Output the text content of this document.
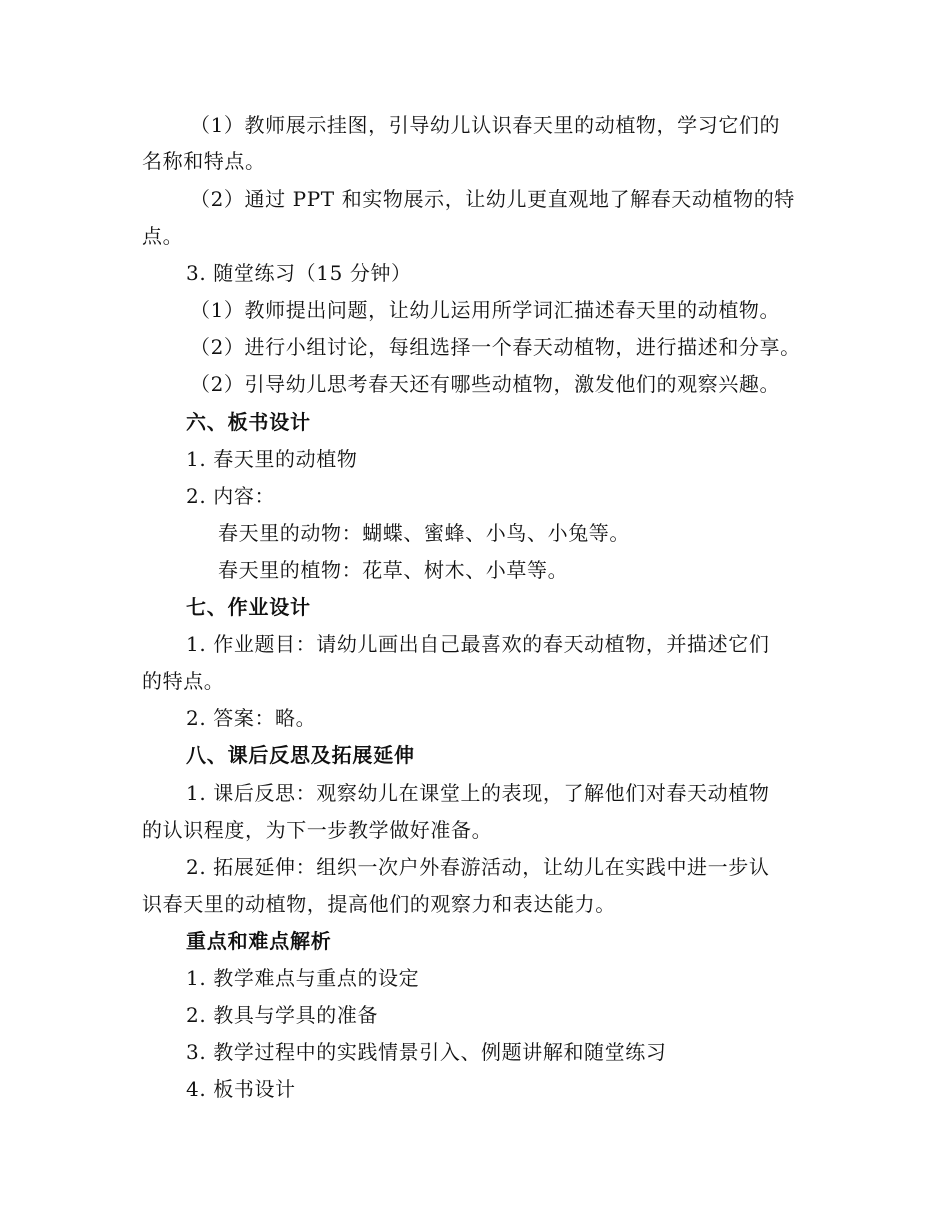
（1）教师展示挂图，引导幼儿认识春天里的动植物，学习它们的
名称和特点。
（2）通过 PPT 和实物展示，让幼儿更直观地了解春天动植物的特
点。
3. 随堂练习（15 分钟）
（1）教师提出问题，让幼儿运用所学词汇描述春天里的动植物。
（2）进行小组讨论，每组选择一个春天动植物，进行描述和分享。
（2）引导幼儿思考春天还有哪些动植物，激发他们的观察兴趣。
六、板书设计
1. 春天里的动植物
2. 内容：
春天里的动物：蝴蝶、蜜蜂、小鸟、小兔等。
春天里的植物：花草、树木、小草等。
七、作业设计
1. 作业题目：请幼儿画出自己最喜欢的春天动植物，并描述它们
的特点。
2. 答案：略。
八、课后反思及拓展延伸
1. 课后反思：观察幼儿在课堂上的表现，了解他们对春天动植物
的认识程度，为下一步教学做好准备。
2. 拓展延伸：组织一次户外春游活动，让幼儿在实践中进一步认
识春天里的动植物，提高他们的观察力和表达能力。
重点和难点解析
1. 教学难点与重点的设定
2. 教具与学具的准备
3. 教学过程中的实践情景引入、例题讲解和随堂练习
4. 板书设计
